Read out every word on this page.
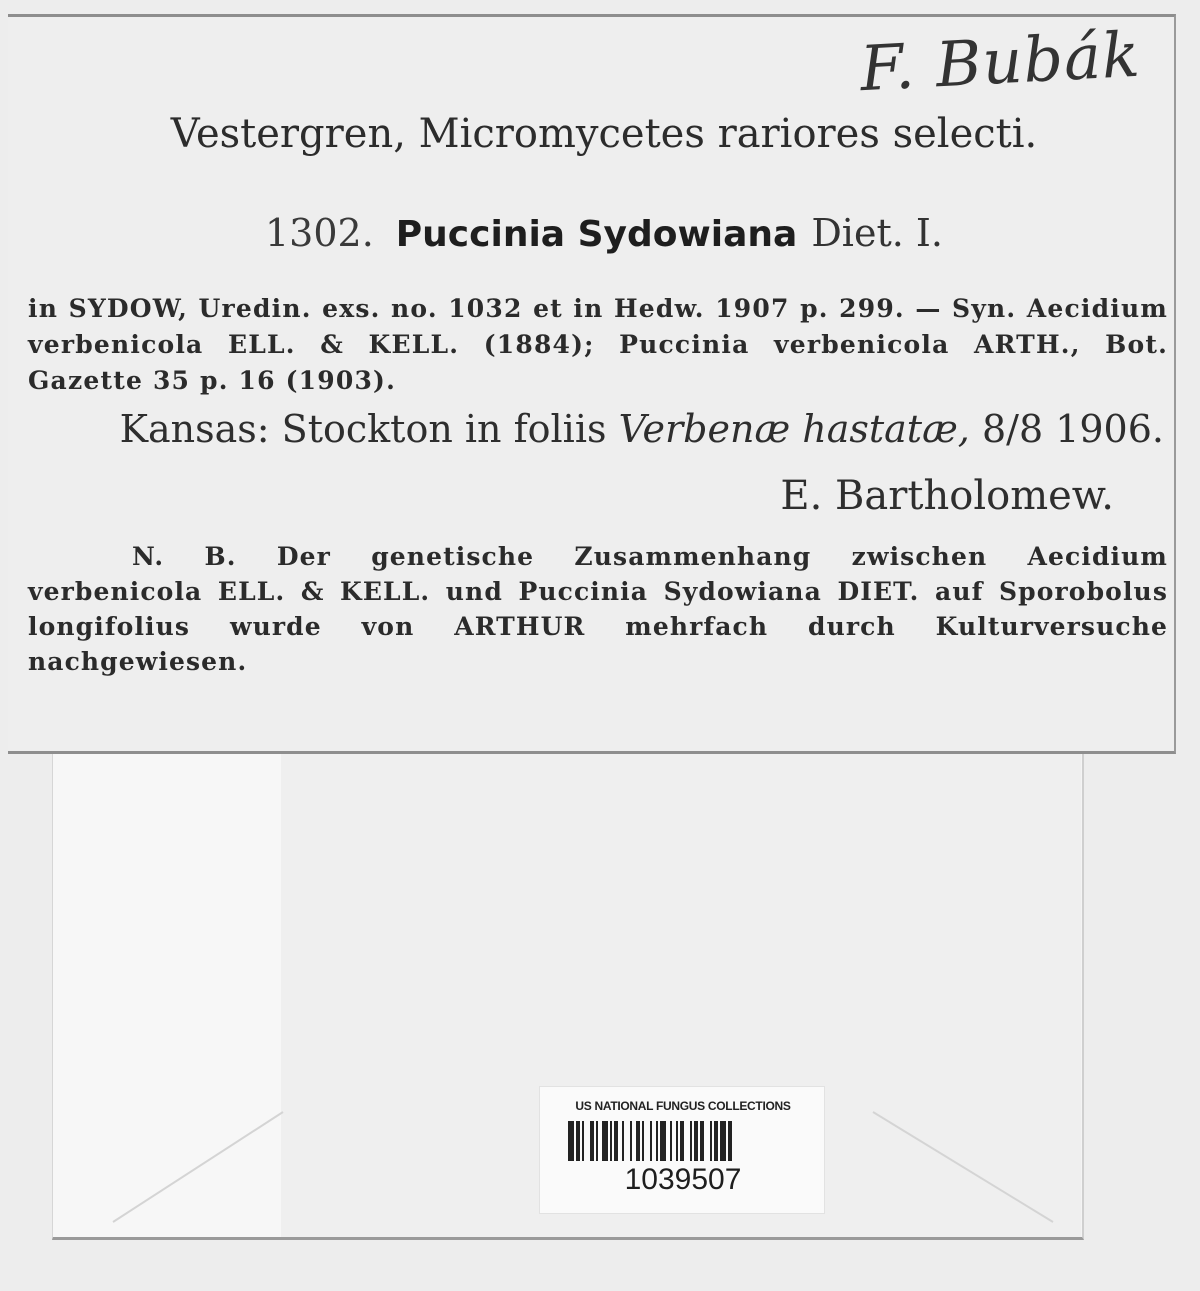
US NATIONAL FUNGUS COLLECTIONS
1039507
F. Bubák
Vestergren, Micromycetes rariores selecti.
1302. Puccinia Sydowiana Diet. I.
in SYDOW, Uredin. exs. no. 1032 et in Hedw. 1907 p. 299. — Syn. Aecidium verbenicola ELL. & KELL. (1884); Puccinia verbenicola ARTH., Bot. Gazette 35 p. 16 (1903).
Kansas: Stockton in foliis Verbenæ hastatæ, 8/8 1906.
E. Bartholomew.
N. B. Der genetische Zusammenhang zwischen Aecidium verbenicola ELL. & KELL. und Puccinia Sydowiana DIET. auf Sporobolus longifolius wurde von ARTHUR mehrfach durch Kulturversuche nachgewiesen.
